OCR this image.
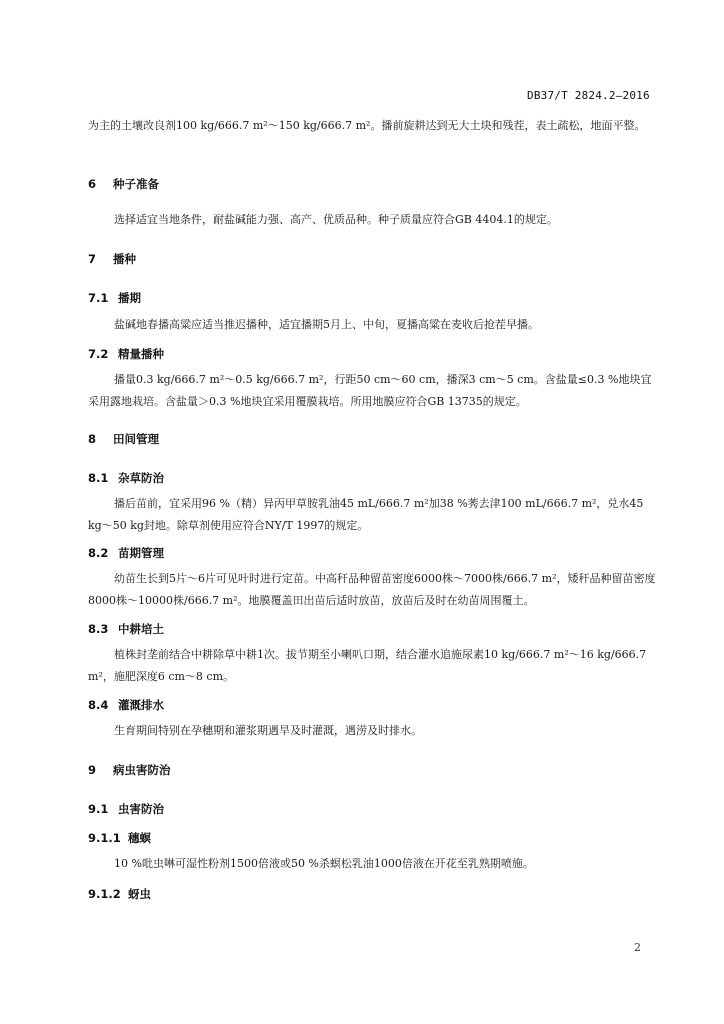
DB37/T 2824.2—2016
为主的土壤改良剂100 kg/666.7 m²～150 kg/666.7 m²。播前旋耕达到无大土块和残茬，表土疏松，地面平整。
6 种子准备
选择适宜当地条件，耐盐碱能力强、高产、优质品种。种子质量应符合GB 4404.1的规定。
7 播种
7.1 播期
盐碱地春播高粱应适当推迟播种，适宜播期5月上、中旬，夏播高粱在麦收后抢茬早播。
7.2 精量播种
播量0.3 kg/666.7 m²～0.5 kg/666.7 m²，行距50 cm～60 cm，播深3 cm～5 cm。含盐量≤0.3 %地块宜采用露地栽培。含盐量＞0.3 %地块宜采用覆膜栽培。所用地膜应符合GB 13735的规定。
8 田间管理
8.1 杂草防治
播后苗前，宜采用96 %（精）异丙甲草胺乳油45 mL/666.7 m²加38 %莠去津100 mL/666.7 m²，兑水45 kg～50 kg封地。除草剂使用应符合NY/T 1997的规定。
8.2 苗期管理
幼苗生长到5片～6片可见叶时进行定苗。中高秆品种留苗密度6000株～7000株/666.7 m²，矮秆品种留苗密度8000株～10000株/666.7 m²。地膜覆盖田出苗后适时放苗，放苗后及时在幼苗周围覆土。
8.3 中耕培土
植株封垄前结合中耕除草中耕1次。拔节期至小喇叭口期，结合灌水追施尿素10 kg/666.7 m²～16 kg/666.7 m²，施肥深度6 cm～8 cm。
8.4 灌溉排水
生育期间特别在孕穗期和灌浆期遇旱及时灌溉，遇涝及时排水。
9 病虫害防治
9.1 虫害防治
9.1.1 穗螟
10 %吡虫啉可湿性粉剂1500倍液或50 %杀螟松乳油1000倍液在开花至乳熟期喷施。
9.1.2 蚜虫
2
